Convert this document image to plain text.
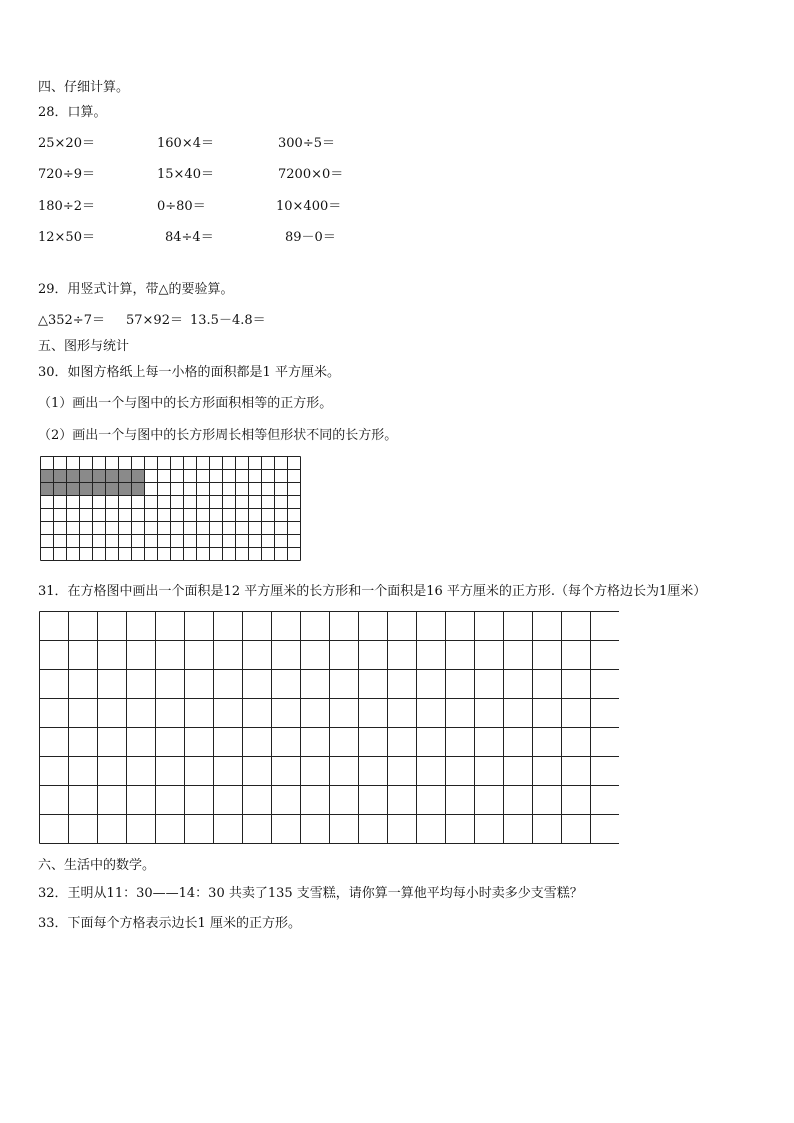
四、仔细计算。
28．口算。
25×20＝	160×4＝	300÷5＝
720÷9＝	15×40＝	7200×0＝
180÷2＝	0÷80＝	10×400＝
12×50＝	84÷4＝	89－0＝
29．用竖式计算，带△的要验算。
△352÷7＝ 57×92＝ 13.5－4.8＝
五、图形与统计
30．如图方格纸上每一小格的面积都是1 平方厘米。
（1）画出一个与图中的长方形面积相等的正方形。
（2）画出一个与图中的长方形周长相等但形状不同的长方形。
31．在方格图中画出一个面积是12 平方厘米的长方形和一个面积是16 平方厘米的正方形.（每个方格边长为1厘米）
六、生活中的数学。
32．王明从11：30——14：30 共卖了135 支雪糕，请你算一算他平均每小时卖多少支雪糕？
33．下面每个方格表示边长1 厘米的正方形。
